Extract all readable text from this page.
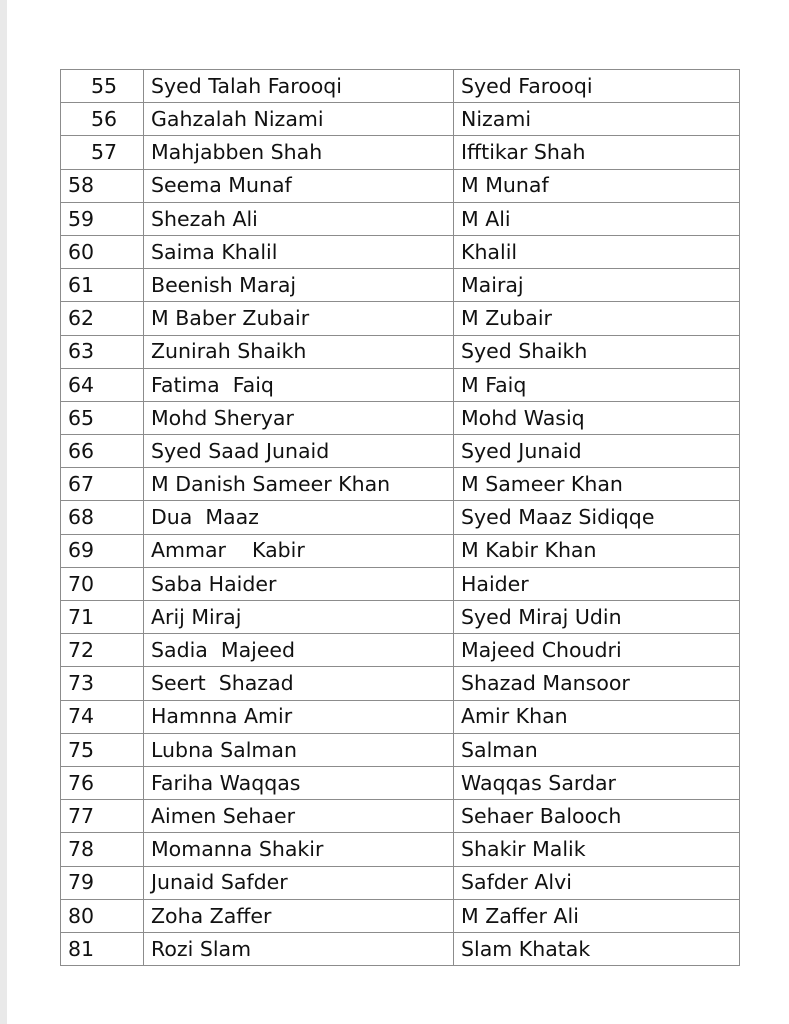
55	Syed Talah Farooqi	Syed Farooqi
56	Gahzalah Nizami	Nizami
57	Mahjabben Shah	Ifftikar Shah
58	Seema Munaf	M Munaf
59	Shezah Ali	M Ali
60	Saima Khalil	Khalil
61	Beenish Maraj	Mairaj
62	M Baber Zubair	M Zubair
63	Zunirah Shaikh	Syed Shaikh
64	Fatima  Faiq	M Faiq
65	Mohd Sheryar	Mohd Wasiq
66	Syed Saad Junaid	Syed Junaid
67	M Danish Sameer Khan	M Sameer Khan
68	Dua  Maaz	Syed Maaz Sidiqqe
69	Ammar    Kabir	M Kabir Khan
70	Saba Haider	Haider
71	Arij Miraj	Syed Miraj Udin
72	Sadia  Majeed	Majeed Choudri
73	Seert  Shazad	Shazad Mansoor
74	Hamnna Amir	Amir Khan
75	Lubna Salman	Salman
76	Fariha Waqqas	Waqqas Sardar
77	Aimen Sehaer	Sehaer Balooch
78	Momanna Shakir	Shakir Malik
79	Junaid Safder	Safder Alvi
80	Zoha Zaffer	M Zaffer Ali
81	Rozi Slam	Slam Khatak
